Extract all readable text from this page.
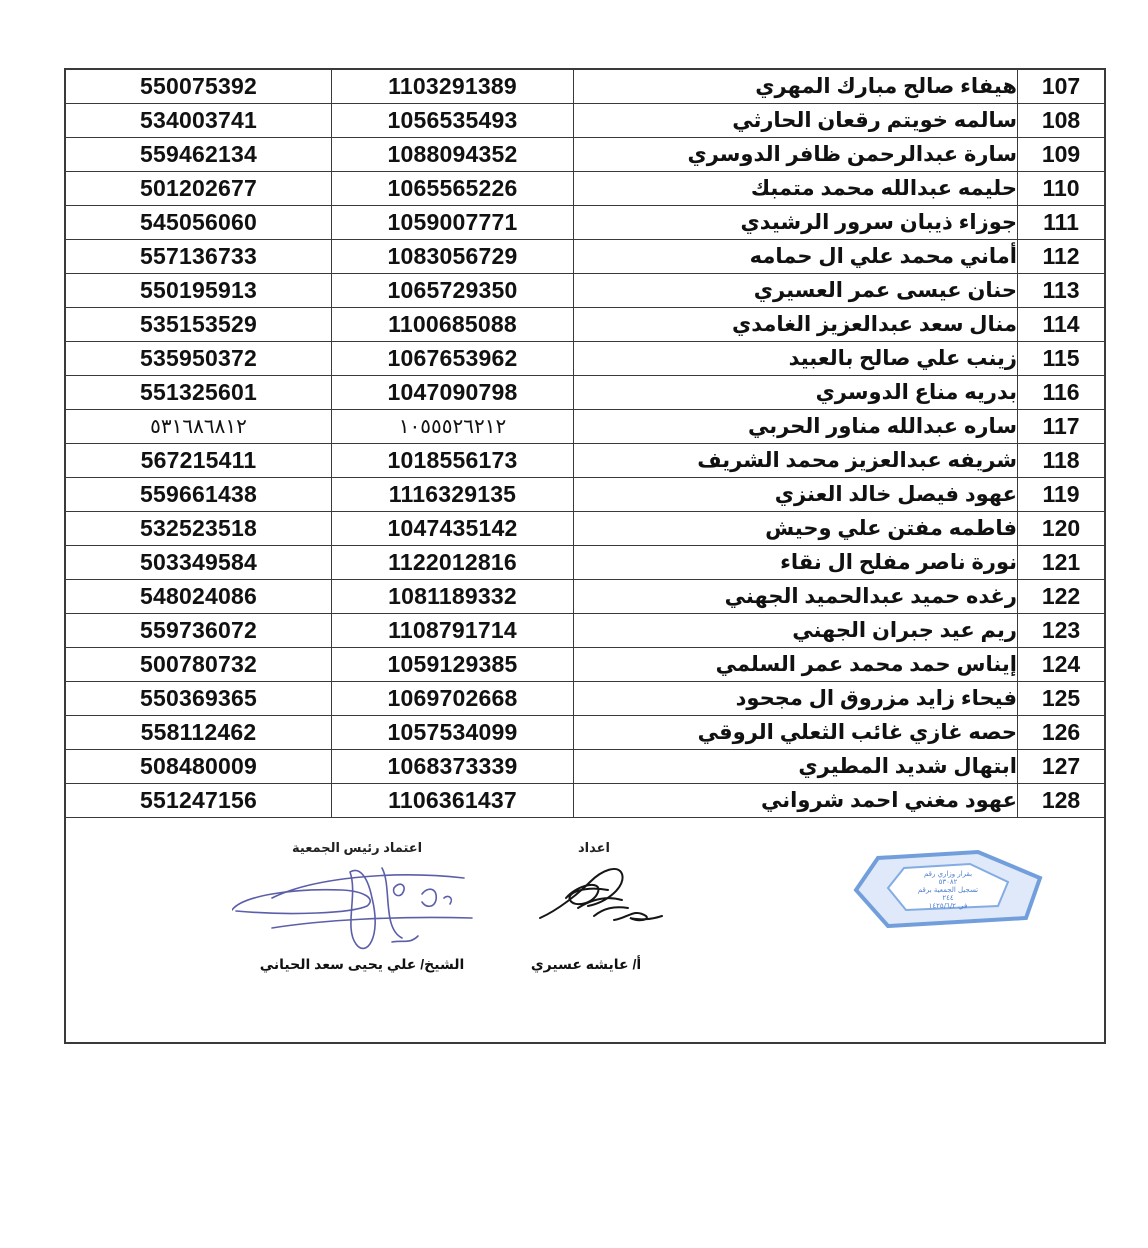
550075392	1103291389	هيفاء صالح مبارك المهري	107
534003741	1056535493	سالمه خويتم رقعان الحارثي	108
559462134	1088094352	سارة عبدالرحمن ظافر الدوسري	109
501202677	1065565226	حليمه عبدالله محمد متمبك	110
545056060	1059007771	جوزاء ذيبان سرور الرشيدي	111
557136733	1083056729	أماني محمد علي ال حمامه	112
550195913	1065729350	حنان عيسى عمر العسيري	113
535153529	1100685088	منال سعد عبدالعزيز الغامدي	114
535950372	1067653962	زينب علي صالح بالعبيد	115
551325601	1047090798	بدريه مناع الدوسري	116
٥٣١٦٨٦٨١٢	١٠٥٥٥٢٦٢١٢	ساره عبدالله مناور الحربي	117
567215411	1018556173	شريفه عبدالعزيز محمد الشريف	118
559661438	1116329135	عهود فيصل خالد العنزي	119
532523518	1047435142	فاطمه مفتن علي وحيش	120
503349584	1122012816	نورة ناصر مفلح ال نقاء	121
548024086	1081189332	رغده حميد عبدالحميد الجهني	122
559736072	1108791714	ريم عيد جبران الجهني	123
500780732	1059129385	إيناس حمد محمد عمر السلمي	124
550369365	1069702668	فيحاء زايد مزروق ال مجحود	125
558112462	1057534099	حصه غازي غائب الثعلي الروقي	126
508480009	1068373339	ابتهال شديد المطيري	127
551247156	1106361437	عهود مغني احمد شرواني	128
اعتماد رئيس الجمعية
الشيخ/ علي يحيى سعد الحياني
اعداد
أ/ عايشه عسيري
بقرار وزاري رقم
٥٣٠٨٢
تسجيل الجمعية برقم
٢٤٤
في ١٤٢٥/٦/٢
